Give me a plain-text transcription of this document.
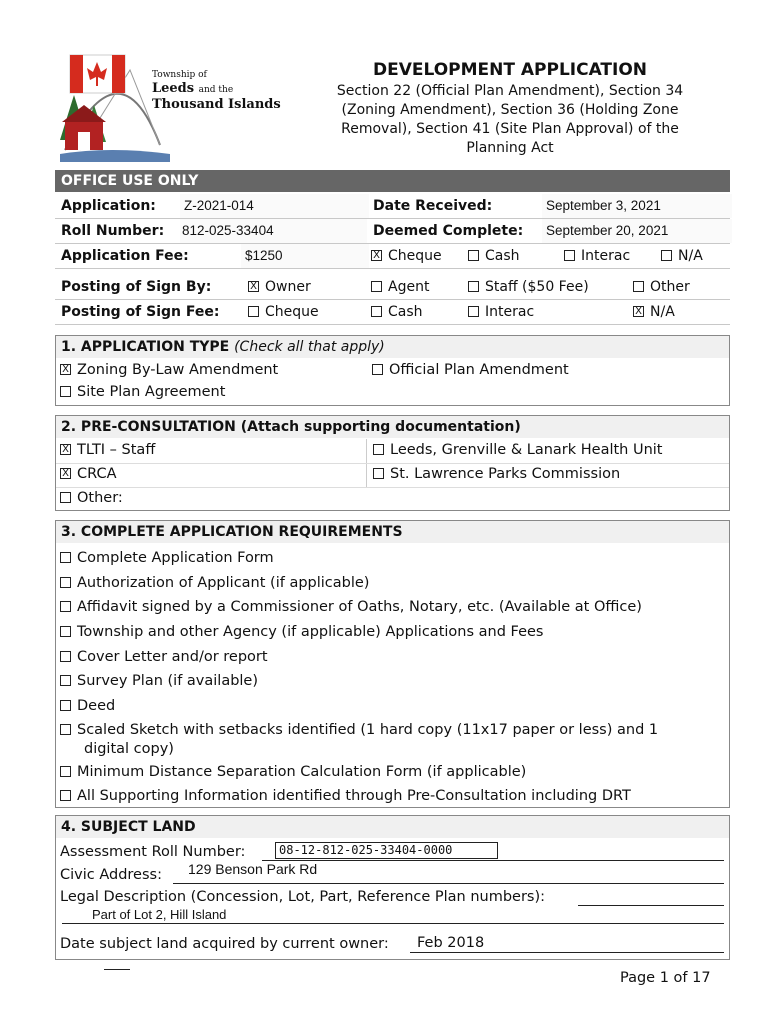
Township of
Leeds and the
Thousand Islands
DEVELOPMENT APPLICATION
Section 22 (Official Plan Amendment), Section 34
(Zoning Amendment), Section 36 (Holding Zone
Removal), Section 41 (Site Plan Approval) of the
Planning Act
OFFICE USE ONLY
Application: Z-2021-014	Date Received:	September 3, 2021
Roll Number: 812-025-33404	Deemed Complete: September 20, 2021
Application Fee:	$1250 X	Cheque	Cash	Interac	N/A
Posting of Sign By: X	Owner	Agent	Staff ($50 Fee)	Other
Posting of Sign Fee:	Cheque	Cash	Interac X	N/A
1. APPLICATION TYPE (Check all that apply)
XZoning By-Law Amendment	Official Plan Amendment
Site Plan Agreement
2. PRE-CONSULTATION (Attach supporting documentation)
XTLTI – Staff	Leeds, Grenville & Lanark Health Unit
XCRCA	St. Lawrence Parks Commission
Other:
3. COMPLETE APPLICATION REQUIREMENTS
Complete Application Form
Authorization of Applicant (if applicable)
Affidavit signed by a Commissioner of Oaths, Notary, etc. (Available at Office)
Township and other Agency (if applicable) Applications and Fees
Cover Letter and/or report
Survey Plan (if available)
Deed
Scaled Sketch with setbacks identified (1 hard copy (11x17 paper or less) and 1
digital copy)
Minimum Distance Separation Calculation Form (if applicable)
All Supporting Information identified through Pre-Consultation including DRT
4. SUBJECT LAND
Assessment Roll Number:	08-12-812-025-33404-0000
Civic Address: 129 Benson Park Rd
Legal Description (Concession, Lot, Part, Reference Plan numbers):
Part of Lot 2, Hill Island
Date subject land acquired by current owner: Feb 2018
Page 1 of 17
